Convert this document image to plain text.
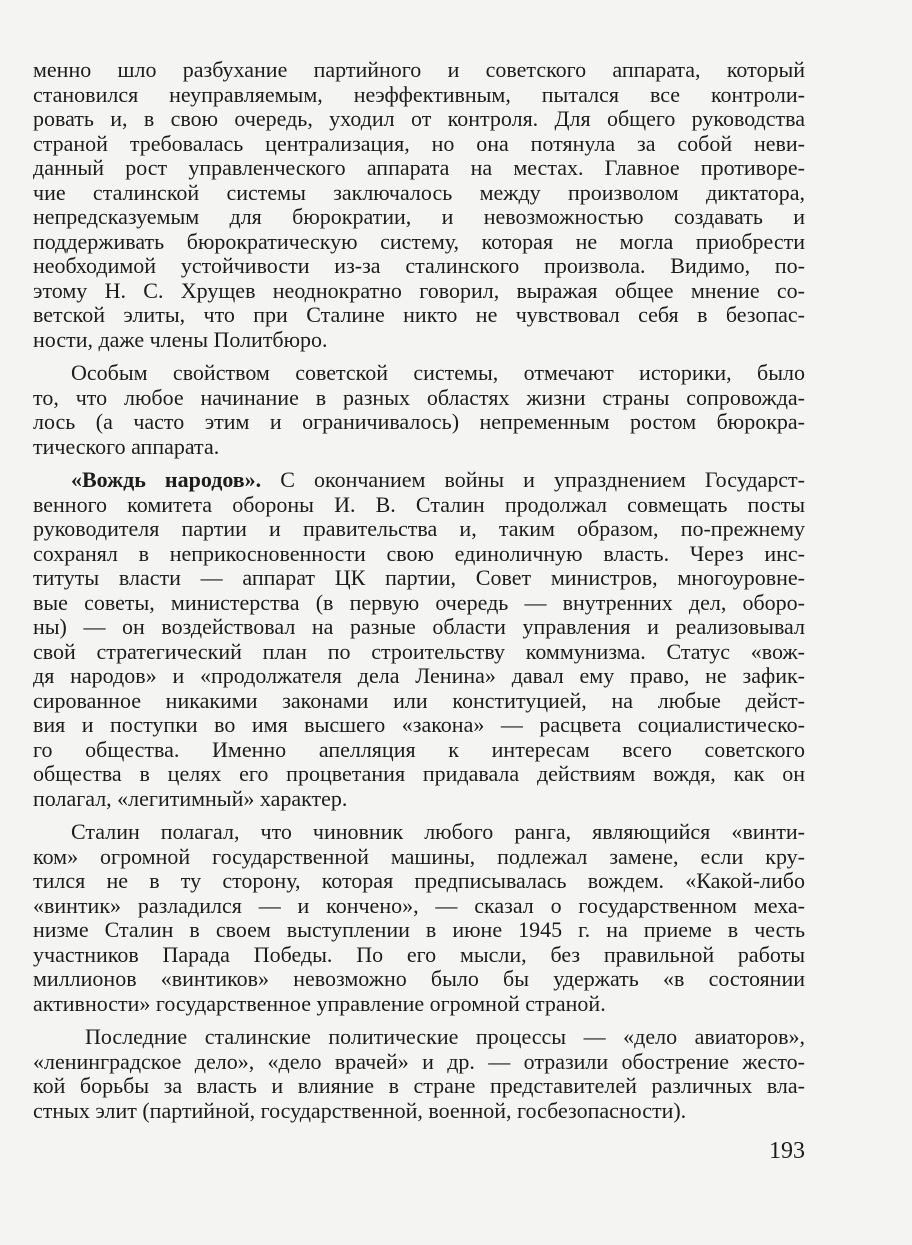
менно шло разбухание партийного и советского аппарата, который
становился неуправляемым, неэффективным, пытался все контроли-
ровать и, в свою очередь, уходил от контроля. Для общего руководства
страной требовалась централизация, но она потянула за собой неви-
данный рост управленческого аппарата на местах. Главное противоре-
чие сталинской системы заключалось между произволом диктатора,
непредсказуемым для бюрократии, и невозможностью создавать и
поддерживать бюрократическую систему, которая не могла приобрести
необходимой устойчивости из-за сталинского произвола. Видимо, по-
этому Н. С. Хрущев неоднократно говорил, выражая общее мнение со-
ветской элиты, что при Сталине никто не чувствовал себя в безопас-
ности, даже члены Политбюро.
Особым свойством советской системы, отмечают историки, было
то, что любое начинание в разных областях жизни страны сопровожда-
лось (а часто этим и ограничивалось) непременным ростом бюрокра-
тического аппарата.
«Вождь народов». С окончанием войны и упразднением Государст-
венного комитета обороны И. В. Сталин продолжал совмещать посты
руководителя партии и правительства и, таким образом, по-прежнему
сохранял в неприкосновенности свою единоличную власть. Через инс-
титуты власти — аппарат ЦК партии, Совет министров, многоуровне-
вые советы, министерства (в первую очередь — внутренних дел, оборо-
ны) — он воздействовал на разные области управления и реализовывал
свой стратегический план по строительству коммунизма. Статус «вож-
дя народов» и «продолжателя дела Ленина» давал ему право, не зафик-
сированное никакими законами или конституцией, на любые дейст-
вия и поступки во имя высшего «закона» — расцвета социалистическо-
го общества. Именно апелляция к интересам всего советского
общества в целях его процветания придавала действиям вождя, как он
полагал, «легитимный» характер.
Сталин полагал, что чиновник любого ранга, являющийся «винти-
ком» огромной государственной машины, подлежал замене, если кру-
тился не в ту сторону, которая предписывалась вождем. «Какой-либо
«винтик» разладился — и кончено», — сказал о государственном меха-
низме Сталин в своем выступлении в июне 1945 г. на приеме в честь
участников Парада Победы. По его мысли, без правильной работы
миллионов «винтиков» невозможно было бы удержать «в состоянии
активности» государственное управление огромной страной.
Последние сталинские политические процессы — «дело авиаторов»,
«ленинградское дело», «дело врачей» и др. — отразили обострение жесто-
кой борьбы за власть и влияние в стране представителей различных вла-
стных элит (партийной, государственной, военной, госбезопасности).
193
